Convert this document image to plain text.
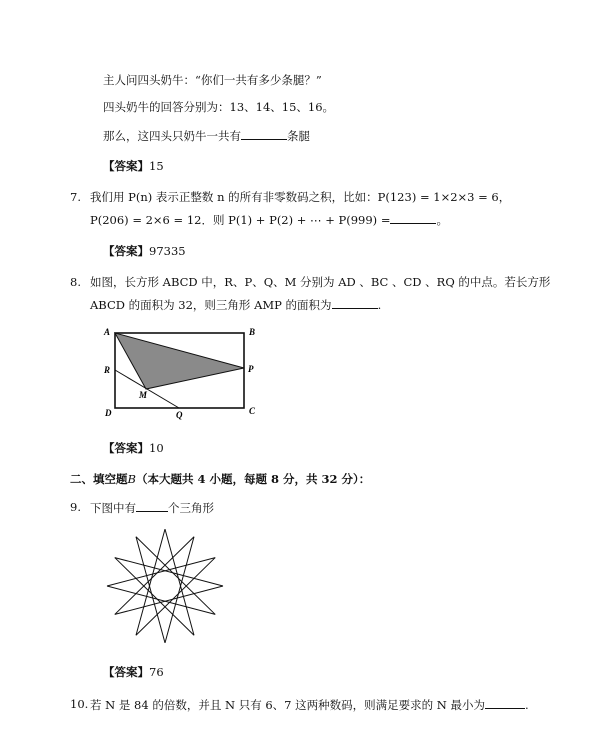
主人问四头奶牛：“你们一共有多少条腿？”
四头奶牛的回答分别为：13、14、15、16。
那么，这四头只奶牛一共有	条腿
【答案】15
7. 我们用 P(n) 表示正整数 n 的所有非零数码之积，比如：P(123) = 1×2×3 = 6，
P(206) = 2×6 = 12．则 P(1) + P(2) + ⋯ + P(999) =	。
【答案】97335
8. 如图，长方形 ABCD 中，R、P、Q、M 分别为 AD 、BC 、CD 、RQ 的中点。若长方形
ABCD 的面积为 32，则三角形 AMP 的面积为	.
A	B
C
D
R	P
M
Q
【答案】10
二、填空题B（本大题共 4 小题，每题 8 分，共 32 分）：
9. 下图中有	个三角形
【答案】76
10. 若 N 是 84 的倍数，并且 N 只有 6、7 这两种数码，则满足要求的 N 最小为	.
